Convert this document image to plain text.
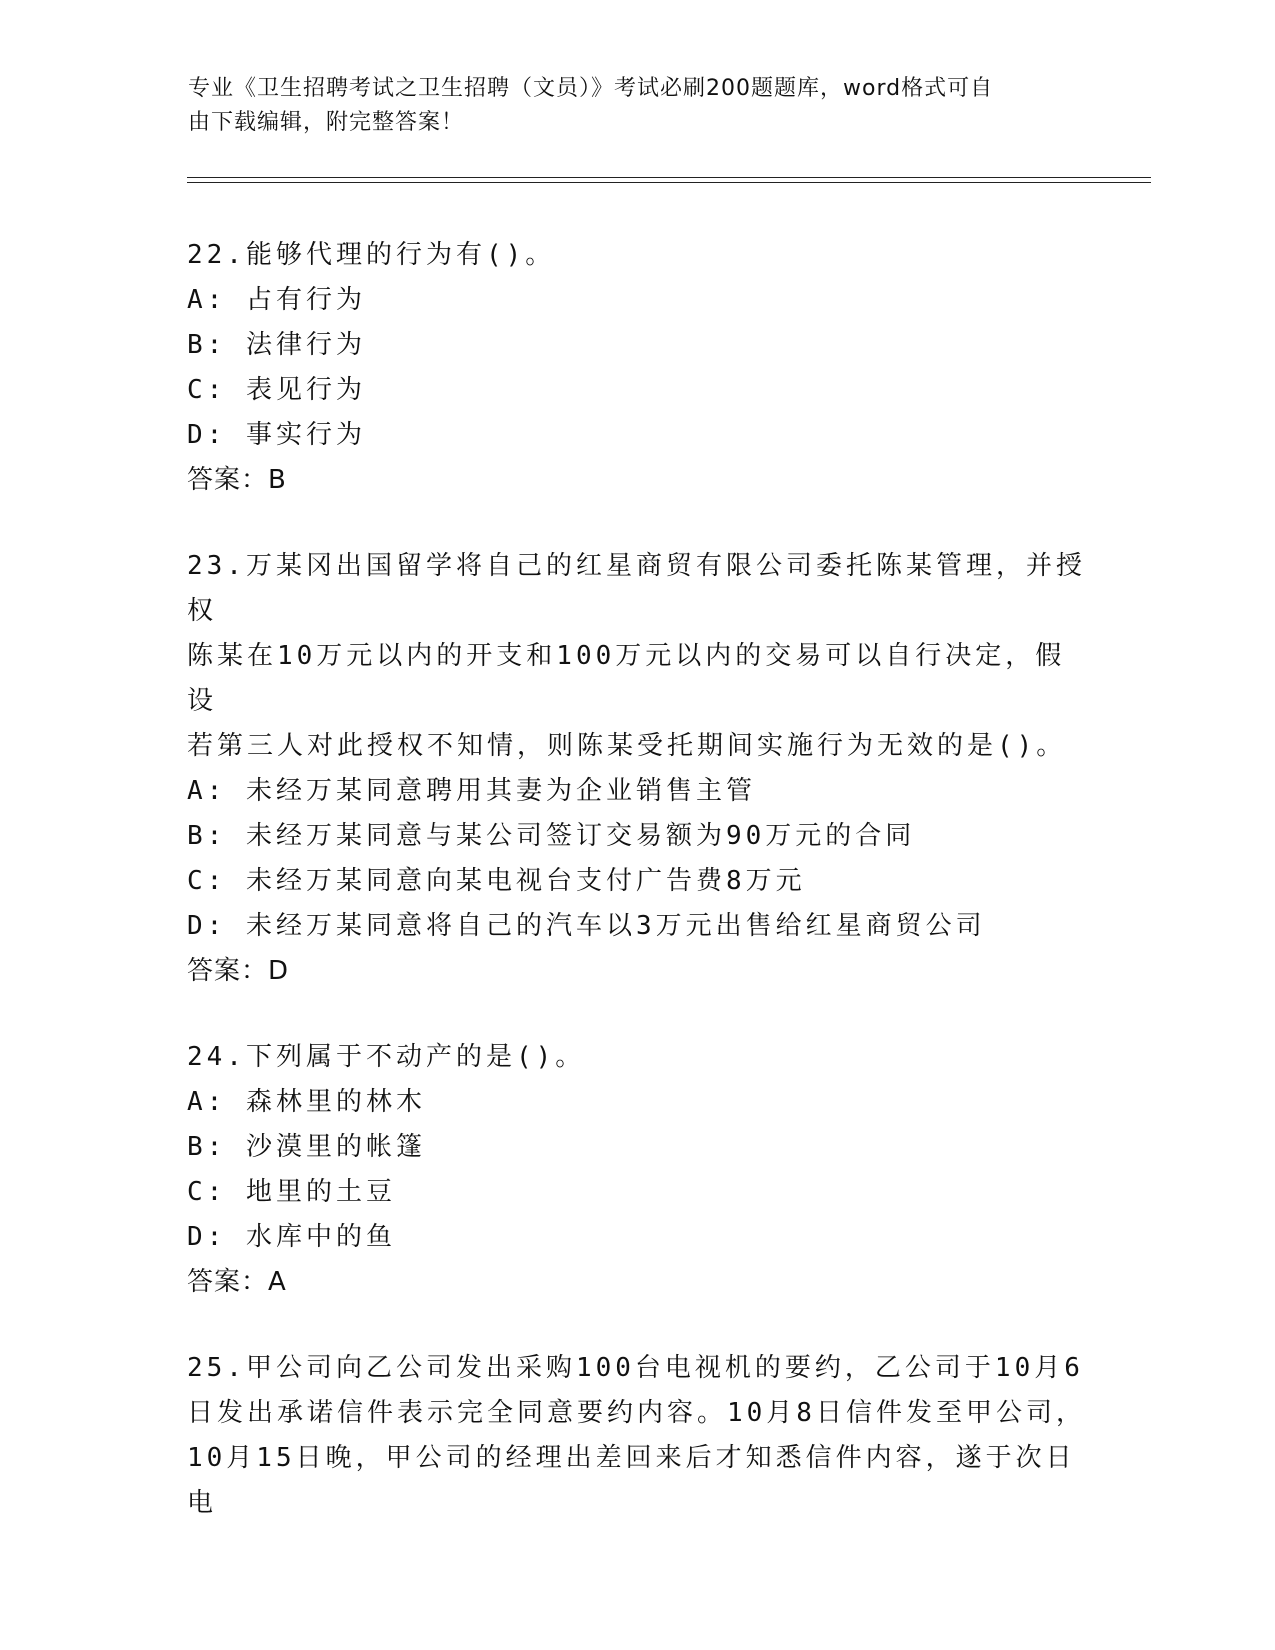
专业《卫生招聘考试之卫生招聘（文员）》考试必刷200题题库，word格式可自
由下载编辑，附完整答案！

22.能够代理的行为有()。

A: 占有行为

B: 法律行为

C: 表见行为

D: 事实行为

答案：B

23.万某冈出国留学将自己的红星商贸有限公司委托陈某管理，并授权

陈某在10万元以内的开支和100万元以内的交易可以自行决定，假设

若第三人对此授权不知情，则陈某受托期间实施行为无效的是()。

A: 未经万某同意聘用其妻为企业销售主管

B: 未经万某同意与某公司签订交易额为90万元的合同

C: 未经万某同意向某电视台支付广告费8万元

D: 未经万某同意将自己的汽车以3万元出售给红星商贸公司

答案：D

24.下列属于不动产的是()。

A: 森林里的林木

B: 沙漠里的帐篷

C: 地里的土豆

D: 水库中的鱼

答案：A

25.甲公司向乙公司发出采购100台电视机的要约，乙公司于10月6

日发出承诺信件表示完全同意要约内容。10月8日信件发至甲公司，

10月15日晚，甲公司的经理出差回来后才知悉信件内容，遂于次日电
